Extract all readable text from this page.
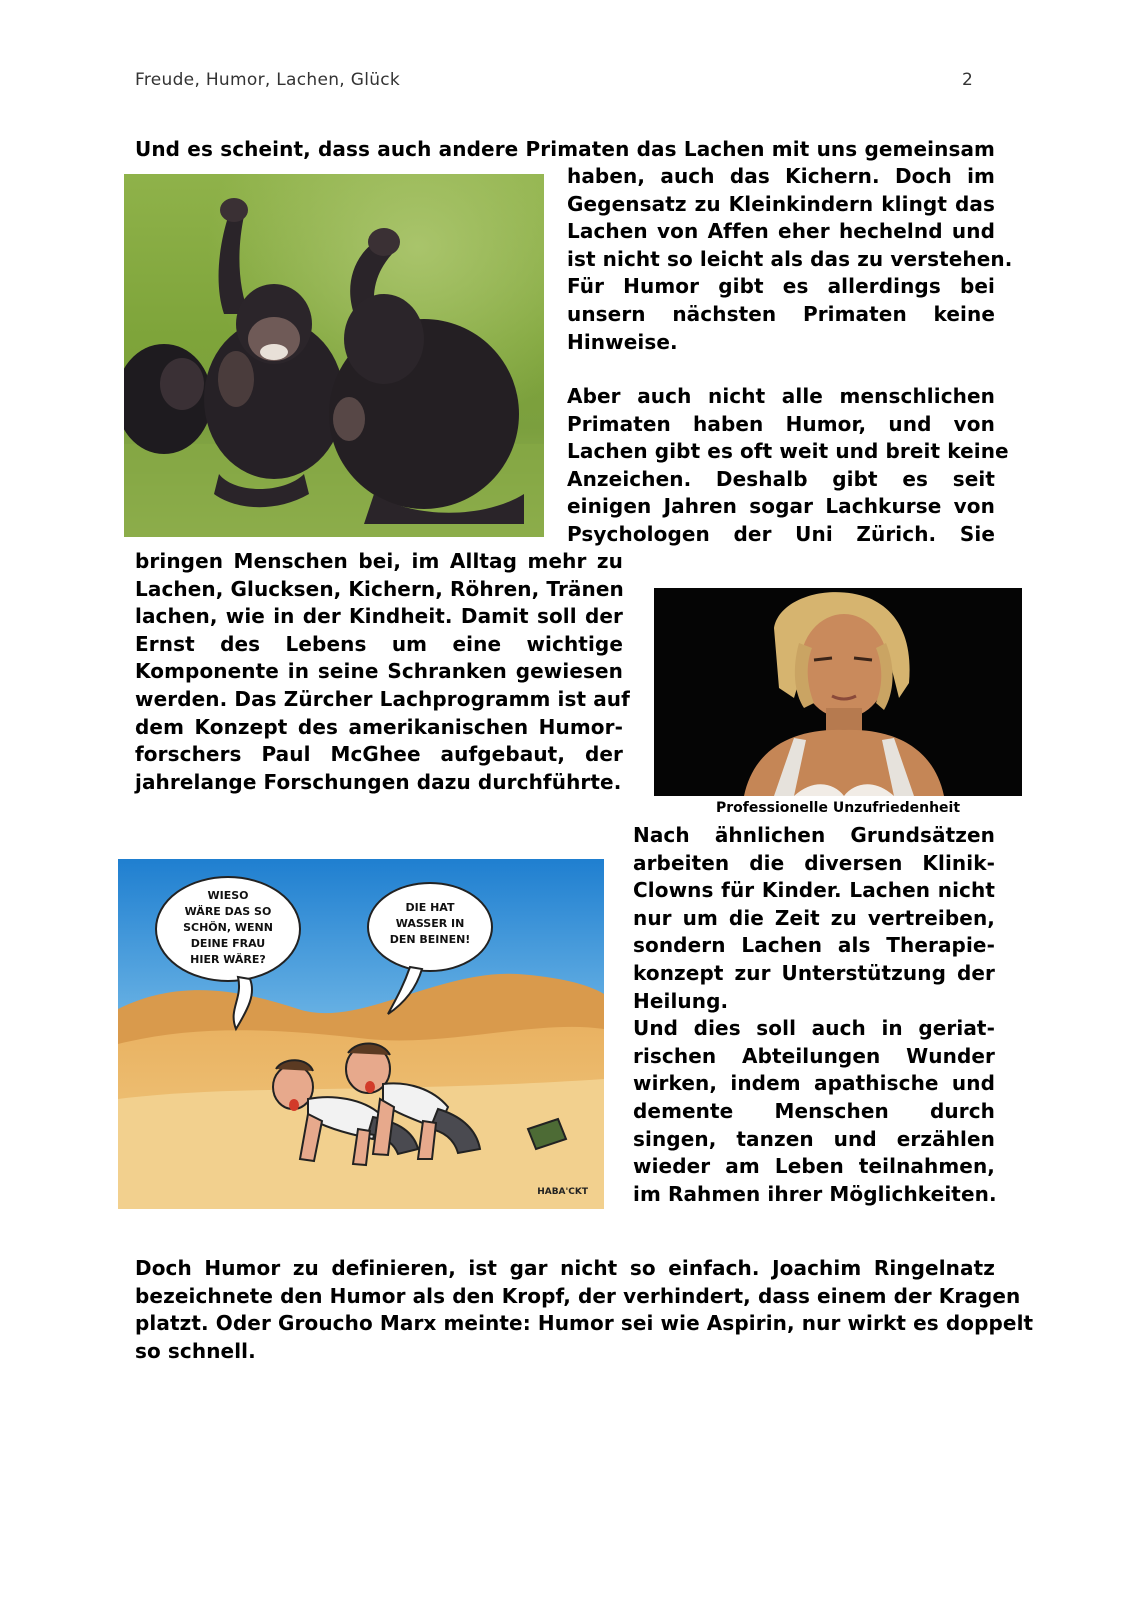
Freude, Humor, Lachen, Glück	2
Und es scheint, dass auch andere Primaten das Lachen mit uns gemeinsam
haben, auch das Kichern. Doch im
Gegensatz zu Kleinkindern klingt das
Lachen von Affen eher hechelnd und
ist nicht so leicht als das zu verstehen.
Für Humor gibt es allerdings bei
unsern nächsten Primaten keine
Hinweise.
Aber auch nicht alle menschlichen
Primaten haben Humor, und von
Lachen gibt es oft weit und breit keine
Anzeichen. Deshalb gibt es seit
einigen Jahren sogar Lachkurse von
Psychologen der Uni Zürich. Sie
bringen Menschen bei, im Alltag mehr zu
Lachen, Glucksen, Kichern, Röhren, Tränen
lachen, wie in der Kindheit. Damit soll der
Ernst des Lebens um eine wichtige
Komponente in seine Schranken gewiesen
werden. Das Zürcher Lachprogramm ist auf
dem Konzept des amerikanischen Humor-
forschers Paul McGhee aufgebaut, der
jahrelange Forschungen dazu durchführte.
Professionelle Unzufriedenheit
WIESO
WÄRE DAS SO
SCHÖN, WENN
DEINE FRAU
HIER WÄRE?
DIE HAT
WASSER IN
DEN BEINEN!
HABA'CKT
Nach ähnlichen Grundsätzen
arbeiten die diversen Klinik-
Clowns für Kinder. Lachen nicht
nur um die Zeit zu vertreiben,
sondern Lachen als Therapie-
konzept zur Unterstützung der
Heilung.
Und dies soll auch in geriat-
rischen Abteilungen Wunder
wirken, indem apathische und
demente Menschen durch
singen, tanzen und erzählen
wieder am Leben teilnahmen,
im Rahmen ihrer Möglichkeiten.
Doch Humor zu definieren, ist gar nicht so einfach. Joachim Ringelnatz
bezeichnete den Humor als den Kropf, der verhindert, dass einem der Kragen
platzt. Oder Groucho Marx meinte: Humor sei wie Aspirin, nur wirkt es doppelt
so schnell.
